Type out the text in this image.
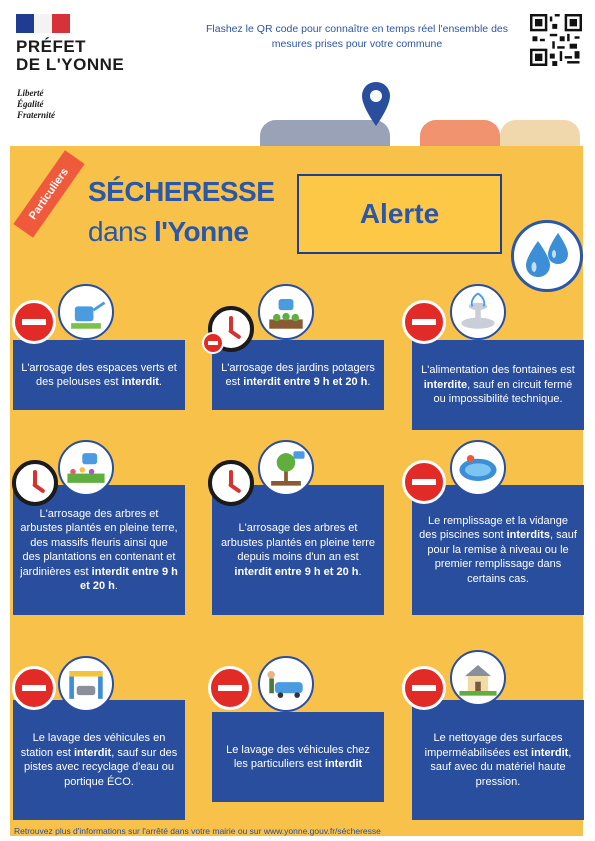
PRÉFET
DE L'YONNE
Liberté
Égalité
Fraternité
Flashez le QR code pour connaître en temps réel l'ensemble des mesures prises pour votre commune
Particuliers SÉCHERESSE
dans l'Yonne
Alerte

L'arrosage des espaces verts et des pelouses est interdit.

L'arrosage des jardins potagers est interdit entre 9 h et 20 h.

L'alimentation des fontaines est interdite, sauf en circuit fermé ou impossibilité technique.

L'arrosage des arbres et arbustes plantés en pleine terre, des massifs fleuris ainsi que des plantations en contenant et jardinières est interdit entre 9 h et 20 h.

L'arrosage des arbres et arbustes plantés en pleine terre depuis moins d'un an est interdit entre 9 h et 20 h.

Le remplissage et la vidange des piscines sont interdits, sauf pour la remise à niveau ou le premier remplissage dans certains cas.

Le lavage des véhicules en station est interdit, sauf sur des pistes avec recyclage d'eau ou portique ÉCO.

Le lavage des véhicules chez les particuliers est interdit

Le nettoyage des surfaces imperméabilisées est interdit, sauf avec du matériel haute pression.

Retrouvez plus d'informations sur l'arrêté dans votre mairie ou sur www.yonne.gouv.fr/sécheresse
